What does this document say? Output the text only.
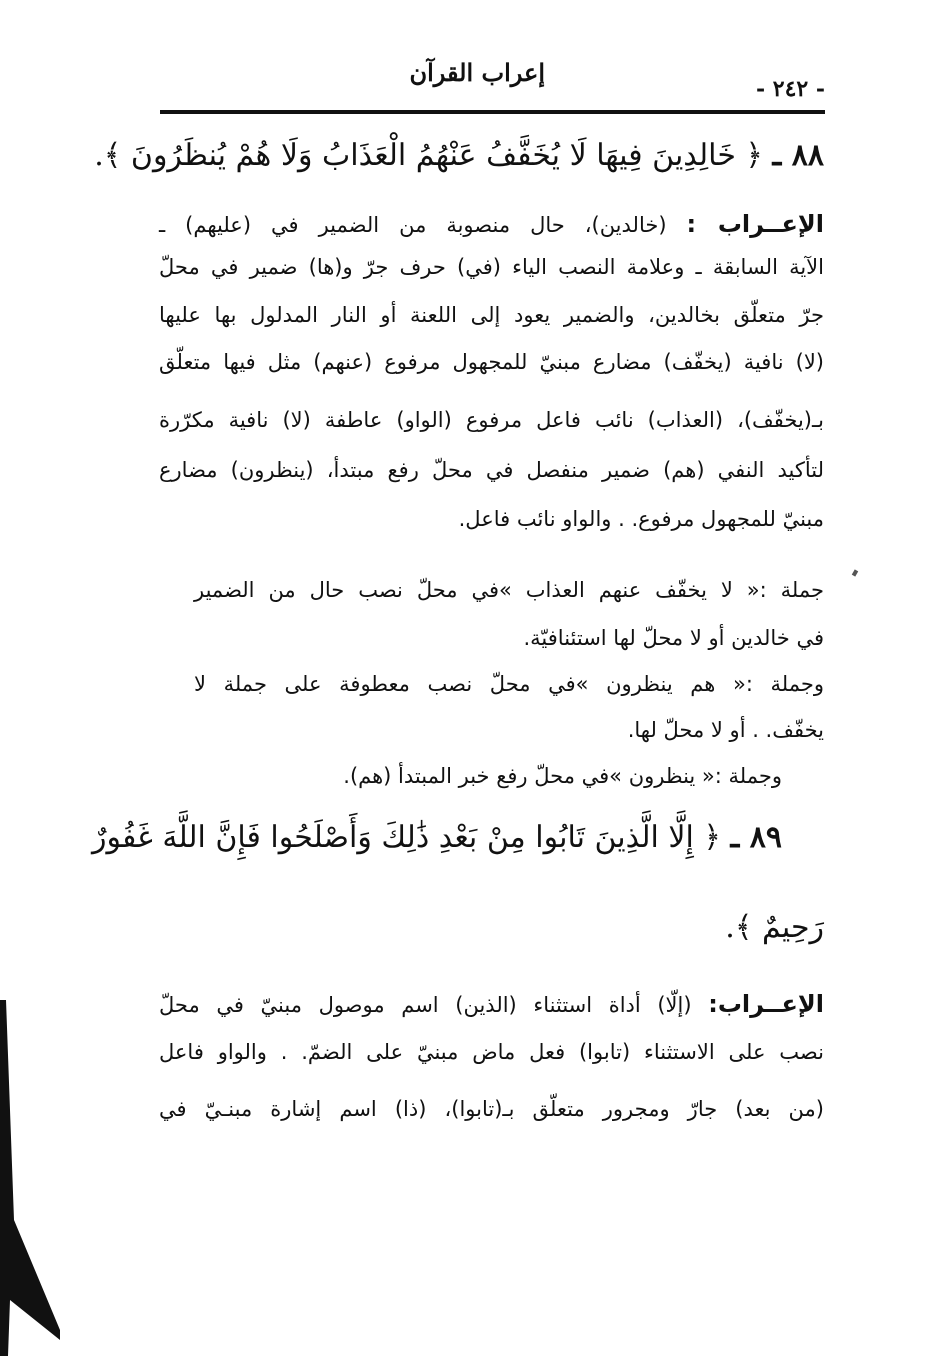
إعراب القرآن
- ٢٤٢ -
٨٨ ـ ﴿ خَالِدِينَ فِيهَا لَا يُخَفَّفُ عَنْهُمُ الْعَذَابُ وَلَا هُمْ يُنظَرُونَ ﴾.
الإعــراب : (خالدين)، حال منصوبة من الضمير في (عليهم) ـ
الآية السابقة ـ وعلامة النصب الياء (في) حرف جرّ و(ها) ضمير في محلّ
جرّ متعلّق بخالدين، والضمير يعود إلى اللعنة أو النار المدلول بها عليها
(لا) نافية (يخفّف) مضارع مبنيّ للمجهول مرفوع (عنهم) مثل فيها متعلّق
بـ(يخفّف)، (العذاب) نائب فاعل مرفوع (الواو) عاطفة (لا) نافية مكرّرة
لتأكيد النفي (هم) ضمير منفصل في محلّ رفع مبتدأ، (ينظرون) مضارع
مبنيّ للمجهول مرفوع. . والواو نائب فاعل.
جملة :« لا يخفّف عنهم العذاب »في محلّ نصب حال من الضمير
في خالدين أو لا محلّ لها استئنافيّة.
وجملة :« هم ينظرون »في محلّ نصب معطوفة على جملة لا
يخفّف. . أو لا محلّ لها.
وجملة :« ينظرون »في محلّ رفع خبر المبتدأ (هم).
٨٩ ـ ﴿ إِلَّا الَّذِينَ تَابُوا مِنْ بَعْدِ ذَٰلِكَ وَأَصْلَحُوا فَإِنَّ اللَّهَ غَفُورٌ
رَحِيمٌ ﴾.
الإعــراب: (إلّا) أداة استثناء (الذين) اسم موصول مبنيّ في محلّ
نصب على الاستثناء (تابوا) فعل ماض مبنيّ على الضمّ. . والواو فاعل
(من بعد) جارّ ومجرور متعلّق بـ(تابوا)، (ذا) اسم إشارة مبنـيّ في
